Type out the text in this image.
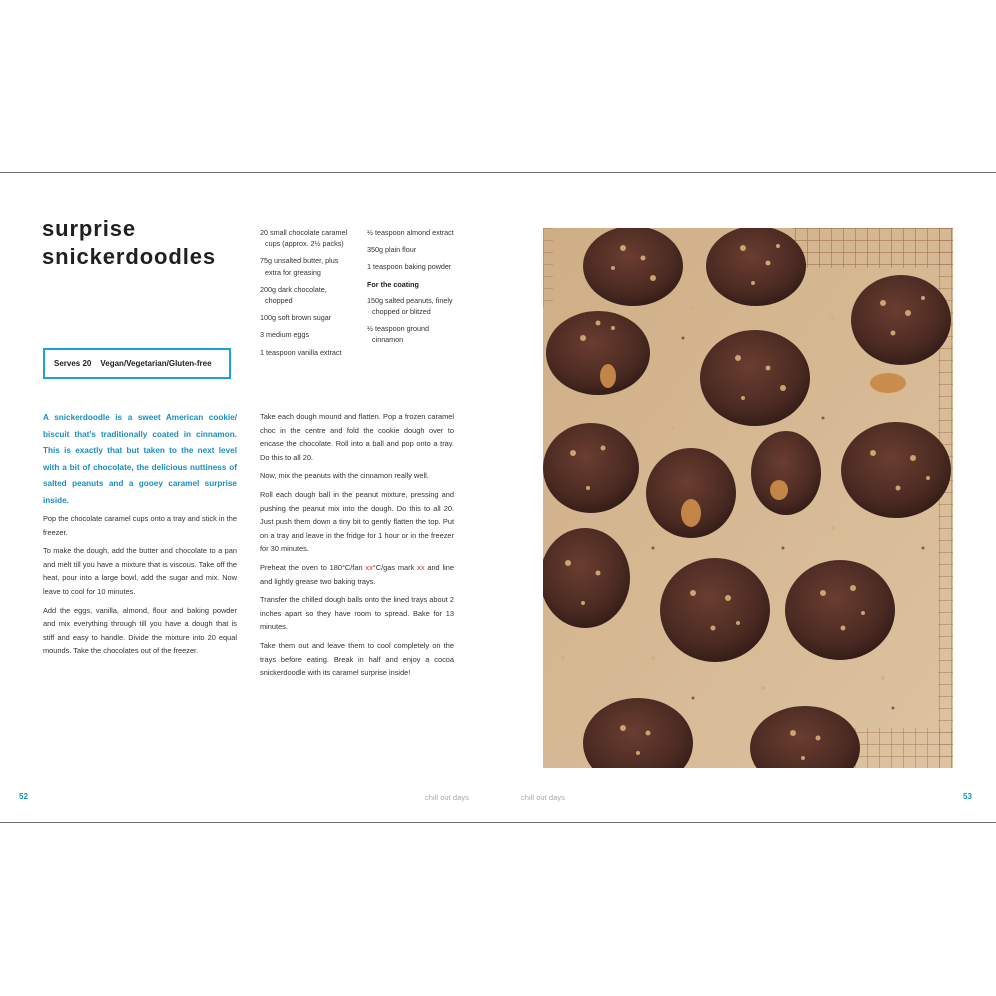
surprise
snickerdoodles
Serves 20 Vegan/Vegetarian/Gluten-free

A snickerdoodle is a sweet American cookie/ biscuit that’s traditionally coated in cinnamon. This is exactly that but taken to the next level with a bit of chocolate, the delicious nuttiness of salted peanuts and a gooey caramel surprise inside.

Pop the chocolate caramel cups onto a tray and stick in the freezer.

To make the dough, add the butter and chocolate to a pan and melt till you have a mixture that is viscous. Take off the heat, pour into a large bowl, add the sugar and mix. Now leave to cool for 10 minutes.

Add the eggs, vanilla, almond, flour and baking powder and mix everything through till you have a dough that is stiff and easy to handle. Divide the mixture into 20 equal mounds. Take the chocolates out of the freezer.

20 small chocolate caramel cups (approx. 2½ packs)
75g unsalted butter, plus extra for greasing
200g dark chocolate, chopped
100g soft brown sugar
3 medium eggs
1 teaspoon vanilla extract
½ teaspoon almond extract
350g plain flour
1 teaspoon baking powder
For the coating
150g salted peanuts, finely chopped or blitzed
½ teaspoon ground cinnamon

Take each dough mound and flatten. Pop a frozen caramel choc in the centre and fold the cookie dough over to encase the chocolate. Roll into a ball and pop onto a tray. Do this to all 20.

Now, mix the peanuts with the cinnamon really well.

Roll each dough ball in the peanut mixture, pressing and pushing the peanut mix into the dough. Do this to all 20. Just push them down a tiny bit to gently flatten the top. Put on a tray and leave in the fridge for 1 hour or in the freezer for 30 minutes.

Preheat the oven to 180°C/fan xx°C/gas mark xx and line and lightly grease two baking trays.

Transfer the chilled dough balls onto the lined trays about 2 inches apart so they have room to spread. Bake for 13 minutes.

Take them out and leave them to cool completely on the trays before eating. Break in half and enjoy a cocoa snickerdoodle with its caramel surprise inside!

52	chill out days	chill out days	53
